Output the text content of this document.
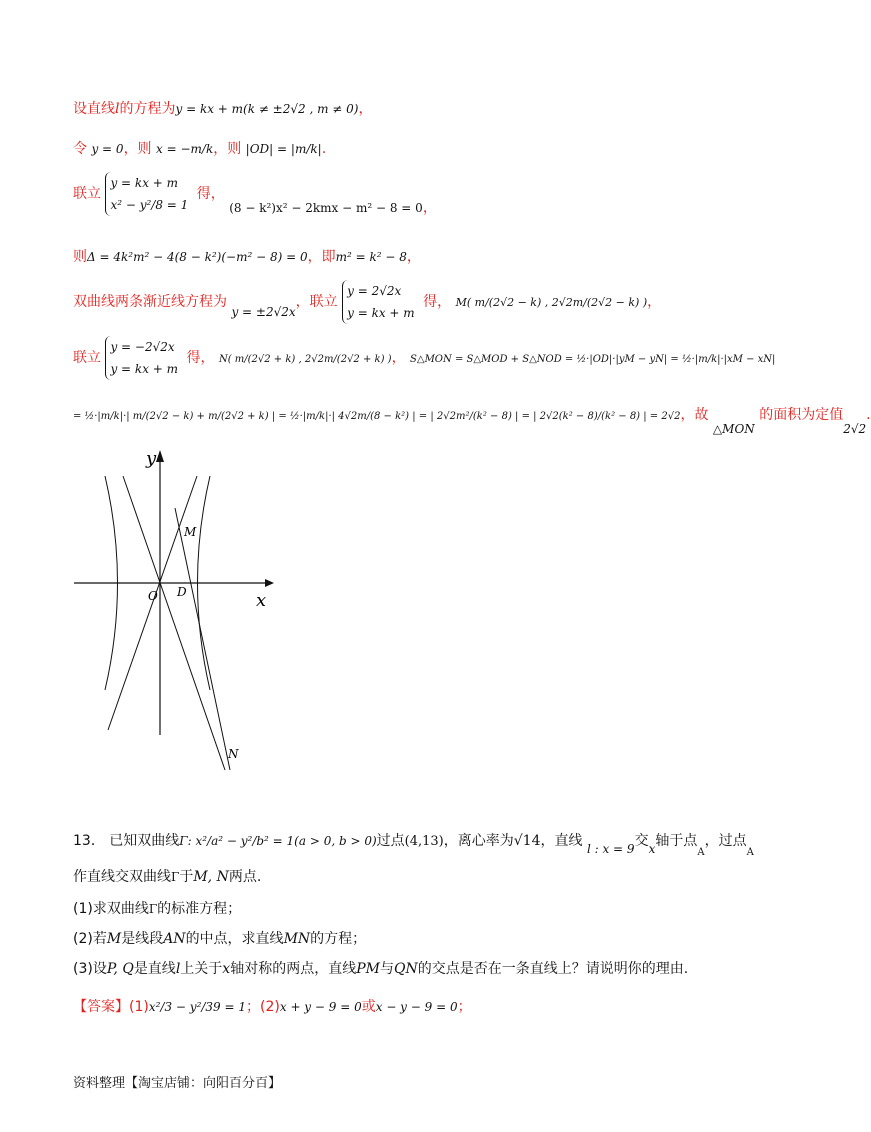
设直线l的方程为y = kx + m(k ≠ ±2√2 , m ≠ 0)，
令 y = 0，则 x = −m/k，则 |OD| = |m/k|.
联立
y = kx + m
x² − y²/8 = 1
得， (8 − k²)x² − 2kmx − m² − 8 = 0，
则Δ = 4k²m² − 4(8 − k²)(−m² − 8) = 0，即m² = k² − 8，
双曲线两条渐近线方程为 y = ±2√2x，联立
y = 2√2x
y = kx + m
得， M( m/(2√2 − k) , 2√2m/(2√2 − k) )，
联立
y = −2√2x
y = kx + m
得， N( m/(2√2 + k) , 2√2m/(2√2 + k) )， S△MON = S△MOD + S△NOD = ½·|OD|·|yM − yN| = ½·|m/k|·|xM − xN|
= ½·|m/k|·| m/(2√2 − k) + m/(2√2 + k) | = ½·|m/k|·| 4√2m/(8 − k²) | = | 2√2m²/(k² − 8) | = | 2√2(k² − 8)/(k² − 8) | = 2√2，故 △MON 的面积为定值2√2.
x
y
O D
M
N
13． 已知双曲线Γ: x²/a² − y²/b² = 1(a > 0, b > 0)过点(4,13)，离心率为√14，直线 l : x = 9交x轴于点$_A$，过点$_A$
作直线交双曲线Γ于M, N两点.
(1)求双曲线Γ的标准方程；
(2)若M是线段AN的中点，求直线MN的方程；
(3)设P, Q是直线l上关于x轴对称的两点，直线PM与QN的交点是否在一条直线上？请说明你的理由.
【答案】(1)x²/3 − y²/39 = 1；(2)x + y − 9 = 0或x − y − 9 = 0；
资料整理【淘宝店铺：向阳百分百】
